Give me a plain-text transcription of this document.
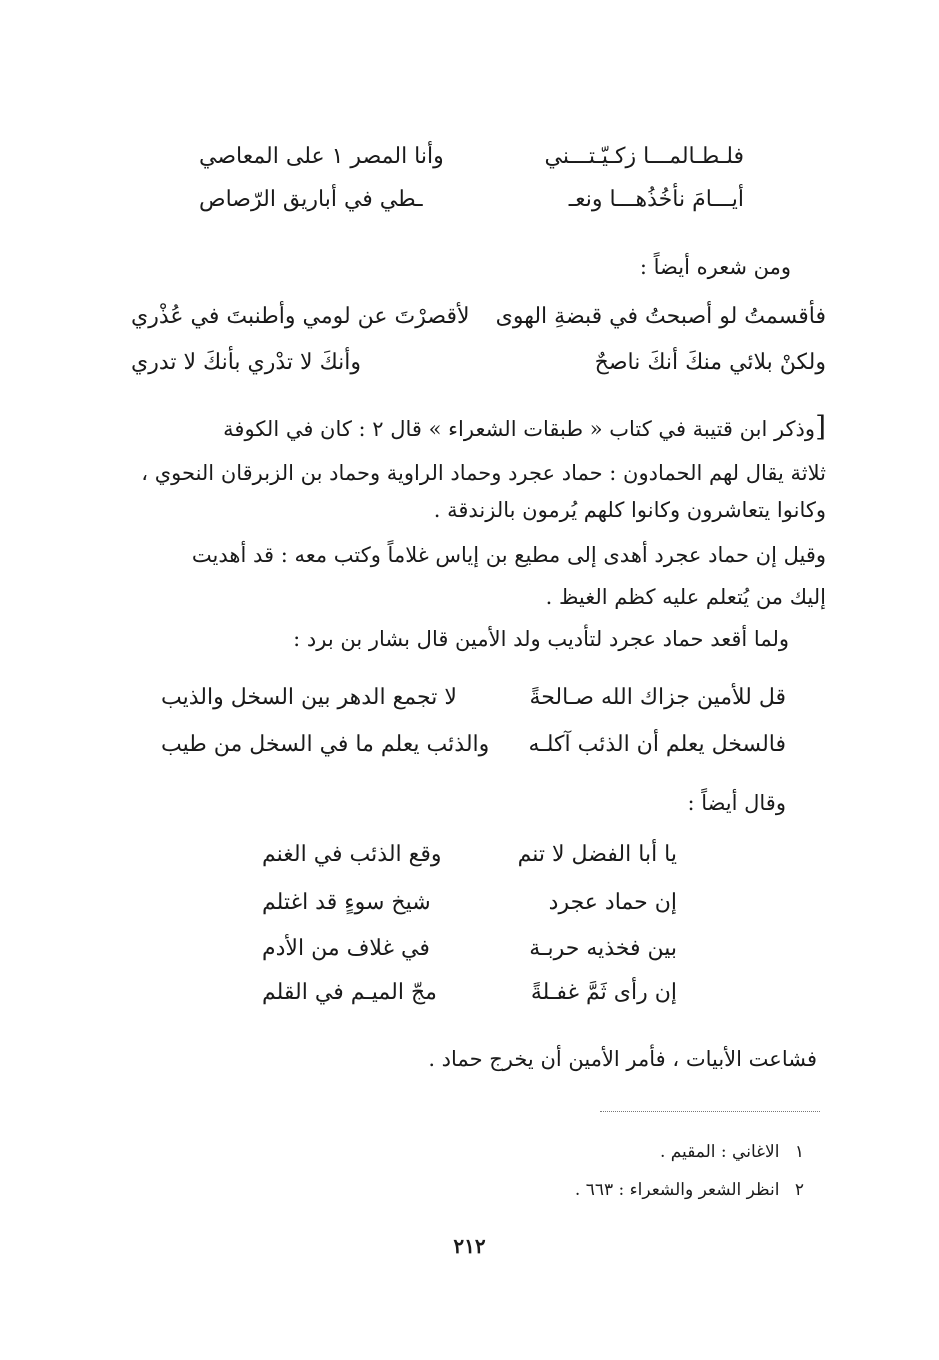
فلـطـالمـــا زكـيّـتـــني
وأنا المصر ١ على المعاصي
أيـــامَ نأخُذُهـــا ونعـ
ـطي في أباريق الرّصاص
ومن شعره أيضاً :
فأقسمتُ لو أصبحتُ في قبضةِ الهوى
لأقصرْتَ عن لومي وأطنبتَ في عُذْري
ولكنْ بلائي منكَ أنكَ ناصحٌ
وأنكَ لا تدْري بأنكَ لا تدري
[وذكر ابن قتيبة في كتاب « طبقات الشعراء » قال ٢ : كان في الكوفة
ثلاثة يقال لهم الحمادون : حماد عجرد وحماد الراوية وحماد بن الزبرقان النحوي ،
وكانوا يتعاشرون وكانوا كلهم يُرمون بالزندقة .
وقيل إن حماد عجرد أهدى إلى مطيع بن إياس غلاماً وكتب معه : قد أهديت
إليك من يُتعلم عليه كظم الغيظ .
ولما أقعد حماد عجرد لتأديب ولد الأمين قال بشار بن برد :
قل للأمين جزاك الله صـالحةً
لا تجمع الدهر بين السخل والذيب
فالسخل يعلم أن الذئب آكلـه
والذئب يعلم ما في السخل من طيب
وقال أيضاً :
يا أبا الفضل لا تنم
وقع الذئب في الغنم
إن حماد عجرد
شيخ سوءٍ قد اغتلم
بين فخذيه حربـة
في غلاف من الأدم
إن رأى ثَمَّ غفـلةً
مجّ الميـم في القلم
فشاعت الأبيات ، فأمر الأمين أن يخرج حماد .
١ الاغاني : المقيم .
٢ انظر الشعر والشعراء : ٦٦٣ .
٢١٢
